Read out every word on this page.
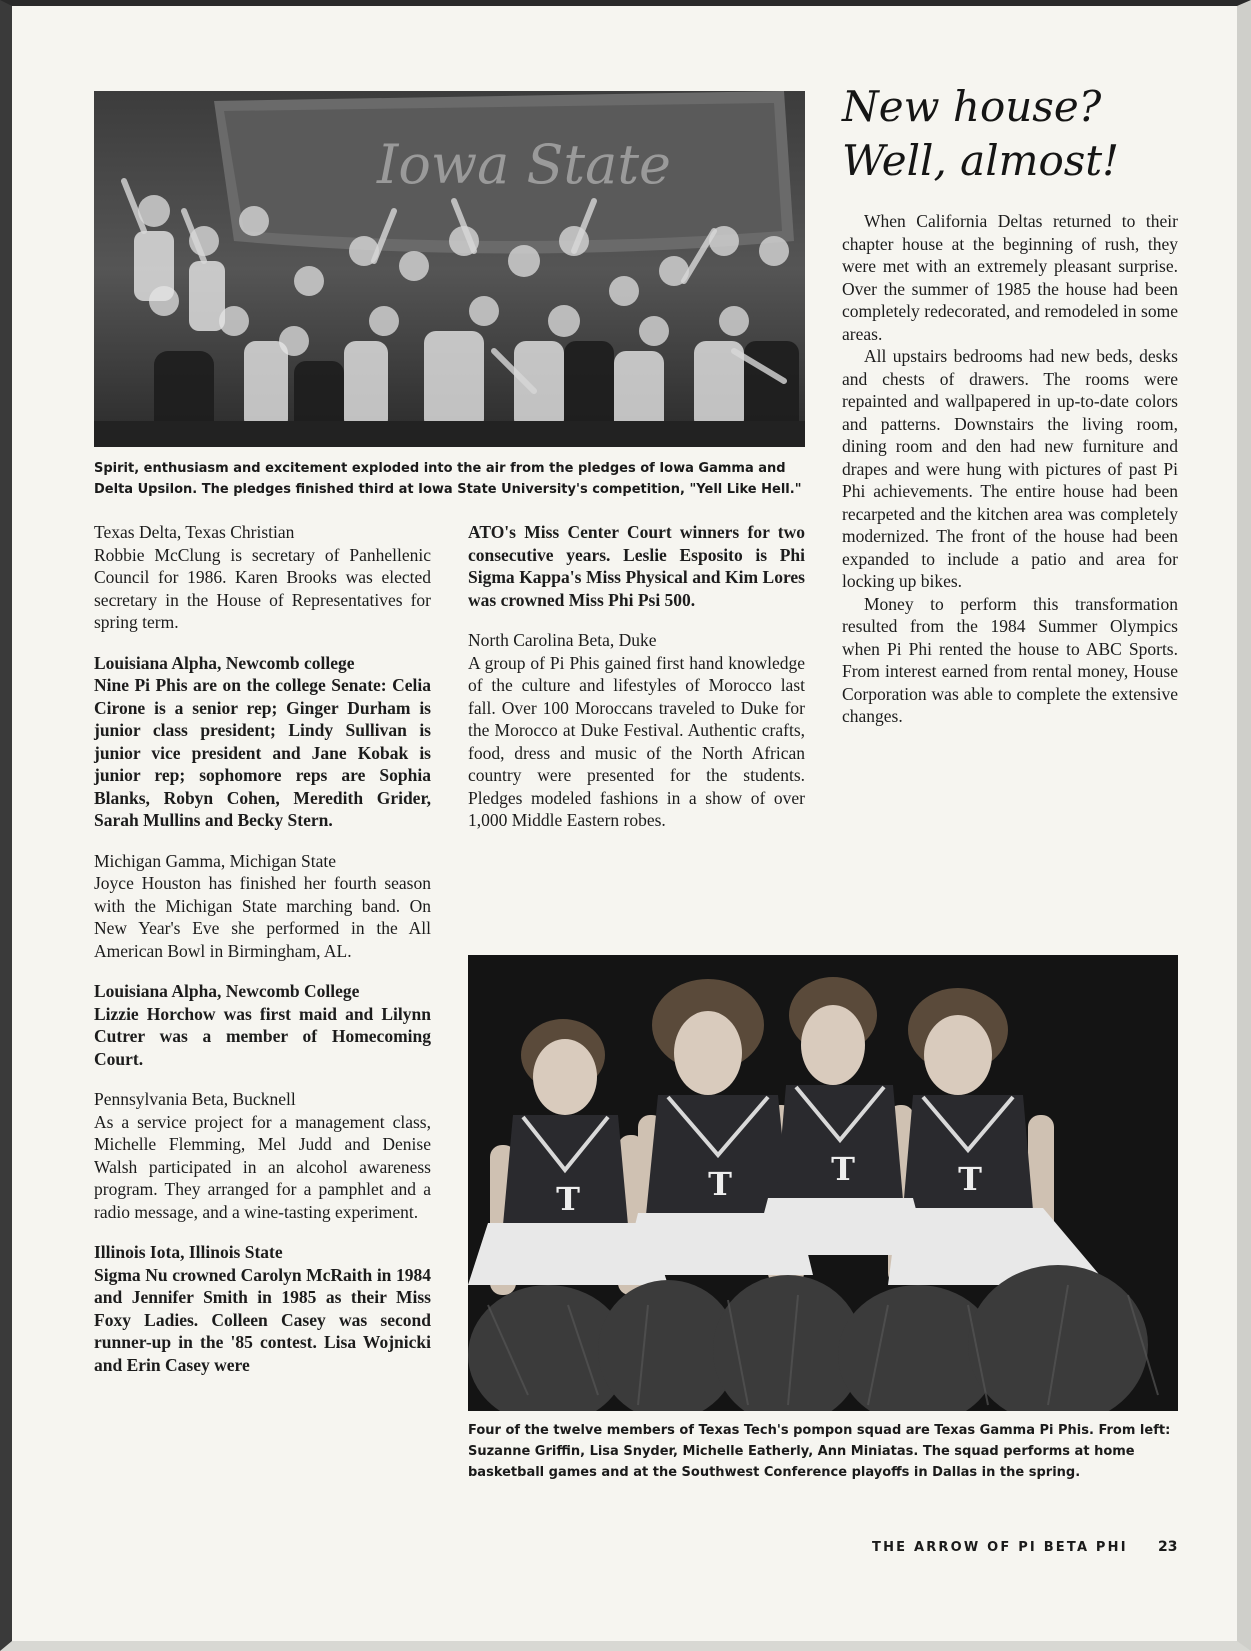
Iowa State
Spirit, enthusiasm and excitement exploded into the air from the pledges of Iowa Gamma and Delta Upsilon. The pledges finished third at Iowa State University's competition, "Yell Like Hell."

Texas Delta, Texas Christian

Robbie McClung is secretary of Panhellenic Council for 1986. Karen Brooks was elected secretary in the House of Representatives for spring term.

Louisiana Alpha, Newcomb college

Nine Pi Phis are on the college Senate: Celia Cirone is a senior rep; Ginger Durham is junior class president; Lindy Sullivan is junior vice president and Jane Kobak is junior rep; sophomore reps are Sophia Blanks, Robyn Cohen, Meredith Grider, Sarah Mullins and Becky Stern.

Michigan Gamma, Michigan State

Joyce Houston has finished her fourth season with the Michigan State marching band. On New Year's Eve she performed in the All American Bowl in Birmingham, AL.

Louisiana Alpha, Newcomb College

Lizzie Horchow was first maid and Lilynn Cutrer was a member of Homecoming Court.

Pennsylvania Beta, Bucknell

As a service project for a management class, Michelle Flemming, Mel Judd and Denise Walsh participated in an alcohol awareness program. They arranged for a pamphlet and a radio message, and a wine-tasting experiment.

Illinois Iota, Illinois State

Sigma Nu crowned Carolyn McRaith in 1984 and Jennifer Smith in 1985 as their Miss Foxy Ladies. Colleen Casey was second runner-up in the '85 contest. Lisa Wojnicki and Erin Casey were

ATO's Miss Center Court winners for two consecutive years. Leslie Esposito is Phi Sigma Kappa's Miss Physical and Kim Lores was crowned Miss Phi Psi 500.

North Carolina Beta, Duke

A group of Pi Phis gained first hand knowledge of the culture and lifestyles of Morocco last fall. Over 100 Moroccans traveled to Duke for the Morocco at Duke Festival. Authentic crafts, food, dress and music of the North African country were presented for the students. Pledges modeled fashions in a show of over 1,000 Middle Eastern robes.

New house?
Well, almost!

When California Deltas returned to their chapter house at the beginning of rush, they were met with an extremely pleasant surprise. Over the summer of 1985 the house had been completely redecorated, and remodeled in some areas.

All upstairs bedrooms had new beds, desks and chests of drawers. The rooms were repainted and wallpapered in up-to-date colors and patterns. Downstairs the living room, dining room and den had new furniture and drapes and were hung with pictures of past Pi Phi achievements. The entire house had been recarpeted and the kitchen area was completely modernized. The front of the house had been expanded to include a patio and area for locking up bikes.

Money to perform this transformation resulted from the 1984 Summer Olympics when Pi Phi rented the house to ABC Sports. From interest earned from rental money, House Corporation was able to complete the extensive changes.

T	T	T	T
Four of the twelve members of Texas Tech's pompon squad are Texas Gamma Pi Phis. From left: Suzanne Griffin, Lisa Snyder, Michelle Eatherly, Ann Miniatas. The squad performs at home basketball games and at the Southwest Conference playoffs in Dallas in the spring.
THE ARROW OF PI BETA PHI 23
